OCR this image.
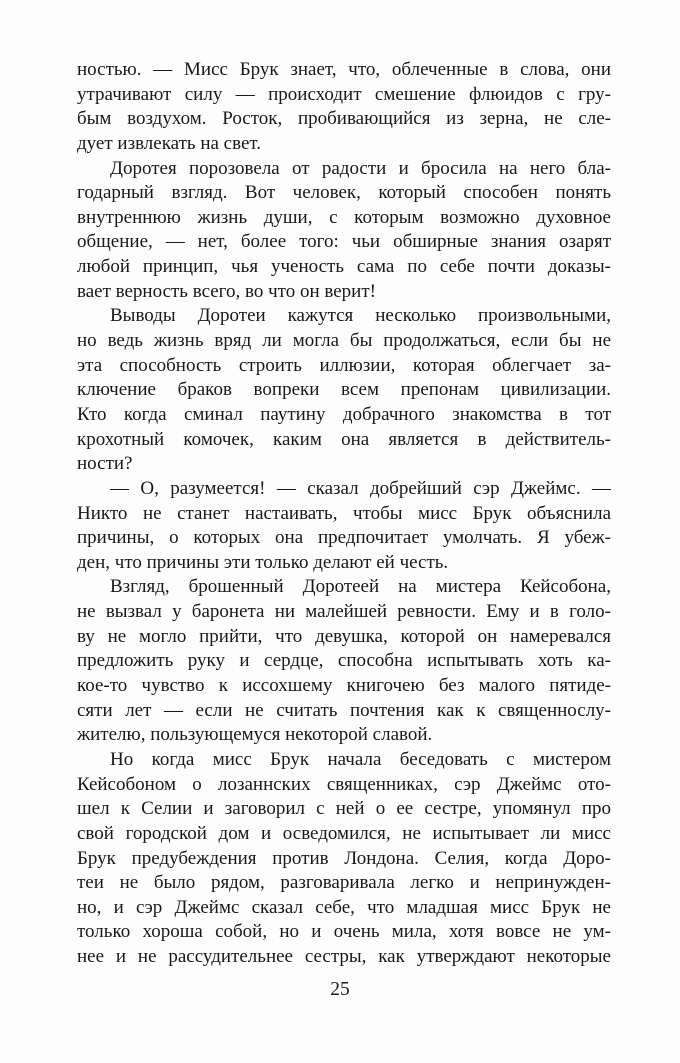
ностью. — Мисс Брук знает, что, облеченные в слова, они
утрачивают силу — происходит смешение флюидов с гру-
бым воздухом. Росток, пробивающийся из зерна, не сле-
дует извлекать на свет.
Доротея порозовела от радости и бросила на него бла-
годарный взгляд. Вот человек, который способен понять
внутреннюю жизнь души, с которым возможно духовное
общение, — нет, более того: чьи обширные знания озарят
любой принцип, чья ученость сама по себе почти доказы-
вает верность всего, во что он верит!
Выводы Доротеи кажутся несколько произвольными,
но ведь жизнь вряд ли могла бы продолжаться, если бы не
эта способность строить иллюзии, которая облегчает за-
ключение браков вопреки всем препонам цивилизации.
Кто когда сминал паутину добрачного знакомства в тот
крохотный комочек, каким она является в действитель-
ности?
— О, разумеется! — сказал добрейший сэр Джеймс. —
Никто не станет настаивать, чтобы мисс Брук объяснила
причины, о которых она предпочитает умолчать. Я убеж-
ден, что причины эти только делают ей честь.
Взгляд, брошенный Доротеей на мистера Кейсобона,
не вызвал у баронета ни малейшей ревности. Ему и в голо-
ву не могло прийти, что девушка, которой он намеревался
предложить руку и сердце, способна испытывать хоть ка-
кое-то чувство к иссохшему книгочею без малого пятиде-
сяти лет — если не считать почтения как к священнослу-
жителю, пользующемуся некоторой славой.
Но когда мисс Брук начала беседовать с мистером
Кейсобоном о лозаннских священниках, сэр Джеймс ото-
шел к Селии и заговорил с ней о ее сестре, упомянул про
свой городской дом и осведомился, не испытывает ли мисс
Брук предубеждения против Лондона. Селия, когда Доро-
теи не было рядом, разговаривала легко и непринужден-
но, и сэр Джеймс сказал себе, что младшая мисс Брук не
только хороша собой, но и очень мила, хотя вовсе не ум-
нее и не рассудительнее сестры, как утверждают некоторые
25
